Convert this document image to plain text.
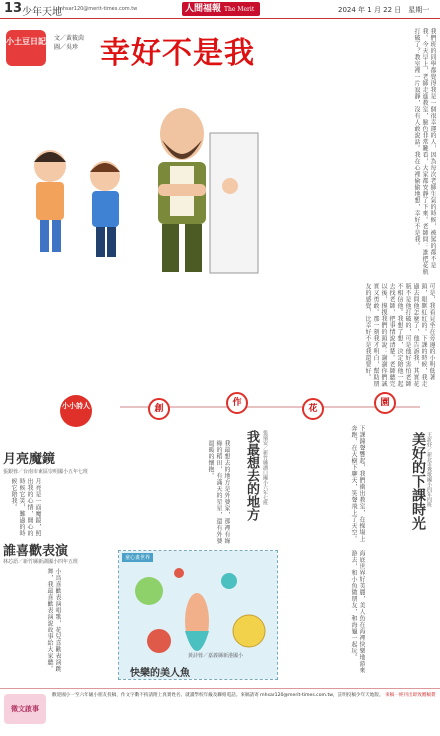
13 少年天地
mhsar120@merit-times.com.tw	人間福報 The Merit Times
2024 年 1 月 22 日　星期一
小土豆日記 文／黃筱茵　圖／吳珍 幸好不是我	我們班的同學都覺得我是一個很幸運的人，因為每次老師生氣的時候，被罵的都不是我。今天早上，老師走進教室，臉色非常難看，大家都安靜了下來。老師問：誰把花瓶打破了？教室裡一片寂靜，沒有人敢說話。我在心裡偷偷地想，幸好不是我。
可是，我看見坐在旁邊的小明低著頭，眼眶紅紅的。下課的時候，我走過去問他怎麼了，他告訴我，其實花瓶不是他打破的，可是他好害怕老師不相信他。我想了想，決定陪他一起去找老師，把事情說清楚。老師聽完以後，摸摸我們的頭說：謝謝你們誠實又勇敢。那一刻我才明白，幫助朋友的感覺，比幸好不是我還要好。
小小詩人	創
作
花
園
月亮魔鏡
張銀蓉／台南市東區崇明國小五年七班
月亮是一面魔鏡，照出我的心情，開心的時候它笑，難過的時候它陪我。
誰喜歡表演
林芯語／新竹縣新湖國小四年五班
小鳥喜歡表演唱歌，花兒喜歡表演跳舞，我最喜歡表演說故事給大家聽。
我最想去的地方是外婆家，那裡有綠綠的稻田，有滿天的星星，還有外婆溫暖的懷抱。	我最想去的地方 張瑞安／新竹縣湖口國小六年七班	下課鐘聲響起，我們衝出教室，在操場上奔跑，在大樹下聊天，笑聲飛上了天空。	美好的下課時光 王訢妤／新北市鶯歌國小四年四班
童心畫世界
快樂的美人魚
黃詩蓉／嘉義縣新港國小	海底世界好美麗，美人魚在海裡快樂地游來游去，和小魚做朋友，和海龜一起玩。
徵文啟事
歡迎國小一至六年級小朋友投稿，作文字數不拘請附上真實姓名、就讀學校年級及聯絡電話。來稿請寄 mhsar120@merit-times.com.tw，註明投稿少年天地版。 來稿一經刊出即致贈稿費
